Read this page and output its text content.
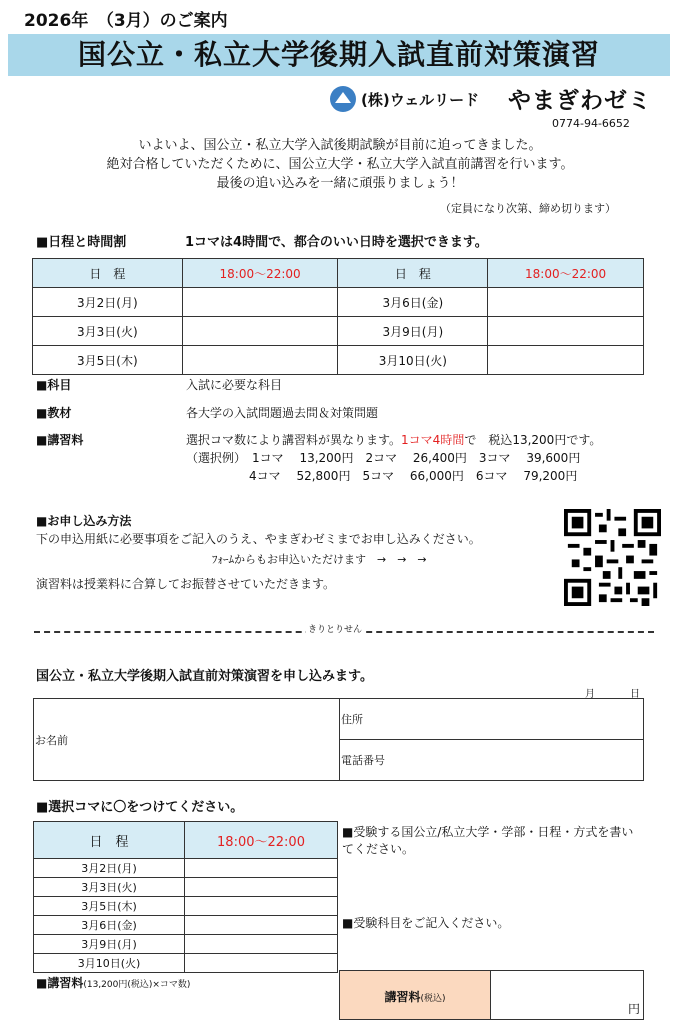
2026年　（3月）のご案内
国公立・私立大学後期入試直前対策演習
(株)ウェルリード やまぎわゼミ
0774-94-6652
いよいよ、国公立・私立大学入試後期試験が目前に迫ってきました。
絶対合格していただくために、国公立大学・私立大学入試直前講習を行います。
最後の追い込みを一緒に頑張りましょう！
（定員になり次第、締め切ります）
■日程と時間割	1コマは4時間で、都合のいい日時を選択できます。
日　程	18:00～22:00	日　程	18:00～22:00
3月2日(月)		3月6日(金)	
3月3日(火)		3月9日(月)	
3月5日(木)		3月10日(火)	
■科目	入試に必要な科目
■教材	各大学の入試問題過去問＆対策問題
■講習料	選択コマ数により講習料が異なります。1コマ4時間で　税込13,200円です。
（選択例）　1コマ　 13,200円　2コマ　 26,400円　3コマ　 39,600円
4コマ　 52,800円　5コマ　 66,000円　6コマ　 79,200円
■お申し込み方法
下の申込用紙に必要事項をご記入のうえ、やまぎわゼミまでお申し込みください。
ﾌｫｰﾑからもお申込いただけます　→　→　→
演習料は授業料に合算してお振替させていただきます。
きりとりせん
国公立・私立大学後期入試直前対策演習を申し込みます。
月	日
お名前	住所
電話番号
■選択コマに〇をつけてください。
日　程	18:00～22:00
3月2日(月)	
3月3日(火)	
3月5日(木)	
3月6日(金)	
3月9日(月)	
3月10日(火)	
■受験する国公立/私立大学・学部・日程・方式を書いてください。
■受験科目をご記入ください。
■講習料(13,200円(税込)×コマ数)
講習料(税込)	円
